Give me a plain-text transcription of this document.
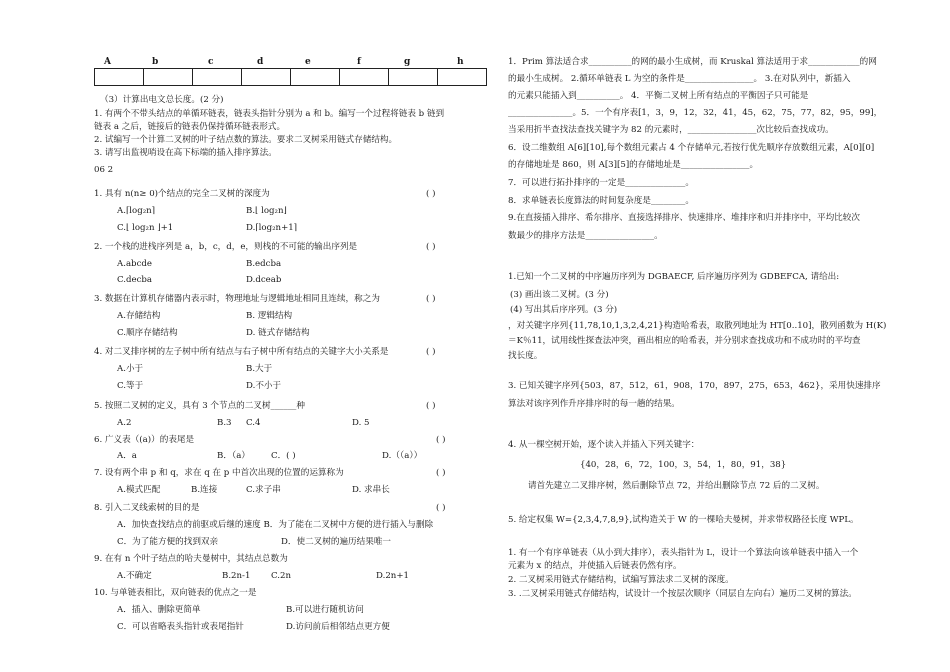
A	b	c	d	e	f	g	h

（3）计算出电文总长度。(2 分)
1. 有两个不带头结点的单循环链表，链表头指针分别为 a 和 b。编写一个过程将链表 b 链到
链表 a 之后，链接后的链表仍保持循环链表形式。
2. 试编写一个计算二叉树的叶子结点数的算法。要求二叉树采用链式存储结构。
3. 请写出监视哨设在高下标端的插入排序算法。
06 2
1. 具有 n(n≥ 0)个结点的完全二叉树的深度为	( )
A.⌈log₂n⌉	B.⌊ log₂n⌋
C.⌊ log₂n ⌋+1	D.⌈log₂n+1⌉
2. 一个栈的进栈序列是 a，b，c，d，e，则栈的不可能的输出序列是	( )
A.abcde	B.edcba
C.decba	D.dceab
3. 数据在计算机存储器内表示时，物理地址与逻辑地址相同且连续，称之为	( )
A.存储结构	B. 逻辑结构
C.顺序存储结构	D. 链式存储结构
4. 对二叉排序树的左子树中所有结点与右子树中所有结点的关键字大小关系是	( )
A.小于	B.大于
C.等于	D.不小于
5. 按照二叉树的定义，具有 3 个节点的二叉树______种	( )
A.2	B.3 C.4	D. 5
6. 广义表（(a)）的表尾是	( )
A．a	B．（a） C．( )	D.（（a））
7. 设有两个串 p 和 q，求在 q 在 p 中首次出现的位置的运算称为	( )
A.模式匹配	B.连接	C.求子串	D. 求串长
8. 引入二叉线索树的目的是	( )
A．加快查找结点的前驱或后继的速度 B．为了能在二叉树中方便的进行插入与删除
C．为了能方便的找到双亲	D．使二叉树的遍历结果唯一
9. 在有 n 个叶子结点的哈夫曼树中，其结点总数为
A.不确定	B.2n-1 C.2n	D.2n+1
10. 与单链表相比，双向链表的优点之一是
A．插入、删除更简单	B.可以进行随机访问
C．可以省略表头指针或表尾指针	D.访问前后相邻结点更方便
1．Prim 算法适合求__________的网的最小生成树，而 Kruskal 算法适用于求____________的网
的最小生成树。 2.循环单链表 L 为空的条件是________________。 3.在对队列中，新插入
的元素只能插入到__________。 4．平衡二叉树上所有结点的平衡因子只可能是
_______________。5．一个有序表[1，3，9，12，32，41，45，62，75，77，82，95，99]，
当采用折半查找法查找关键字为 82 的元素时，________________次比较后查找成功。
6．设二维数组 A[6][10],每个数组元素占 4 个存储单元,若按行优先顺序存放数组元素，A[0][0]
的存储地址是 860，则 A[3][5]的存储地址是________________。
7．可以进行拓扑排序的一定是______________。
8．求单链表长度算法的时间复杂度是________。
9.在直接插入排序、希尔排序、直接选择排序、快速排序、堆排序和归并排序中，平均比较次
数最少的排序方法是________________。
1.已知一个二叉树的中序遍历序列为 DGBAECF, 后序遍历序列为 GDBEFCA, 请给出:
(3) 画出该二叉树。(3 分)
(4) 写出其后序序列。(3 分)
，对关键字序列{11,78,10,1,3,2,4,21}构造哈希表，取散列地址为 HT[0..10]，散列函数为 H(K)
＝K％11，试用线性探查法冲突，画出相应的哈希表，并分别求查找成功和不成功时的平均查
找长度。
3. 已知关键字序列{503，87，512，61，908，170，897，275，653，462}，采用快速排序
算法对该序列作升序排序时的每一趟的结果。
4. 从一棵空树开始，逐个读入并插入下列关键字：
{40，28，6，72，100，3，54，1，80，91，38}
请首先建立二叉排序树，然后删除节点 72，并给出删除节点 72 后的二叉树。
5. 给定权集 W={2,3,4,7,8,9},试构造关于 W 的一棵哈夫曼树，并求带权路径长度 WPL。
1. 有一个有序单链表（从小到大排序），表头指针为 L，设计一个算法向该单链表中插入一个
元素为 x 的结点，并使插入后链表仍然有序。
2. 二叉树采用链式存储结构，试编写算法求二叉树的深度。
3. .二叉树采用链式存储结构，试设计一个按层次顺序（同层自左向右）遍历二叉树的算法。
